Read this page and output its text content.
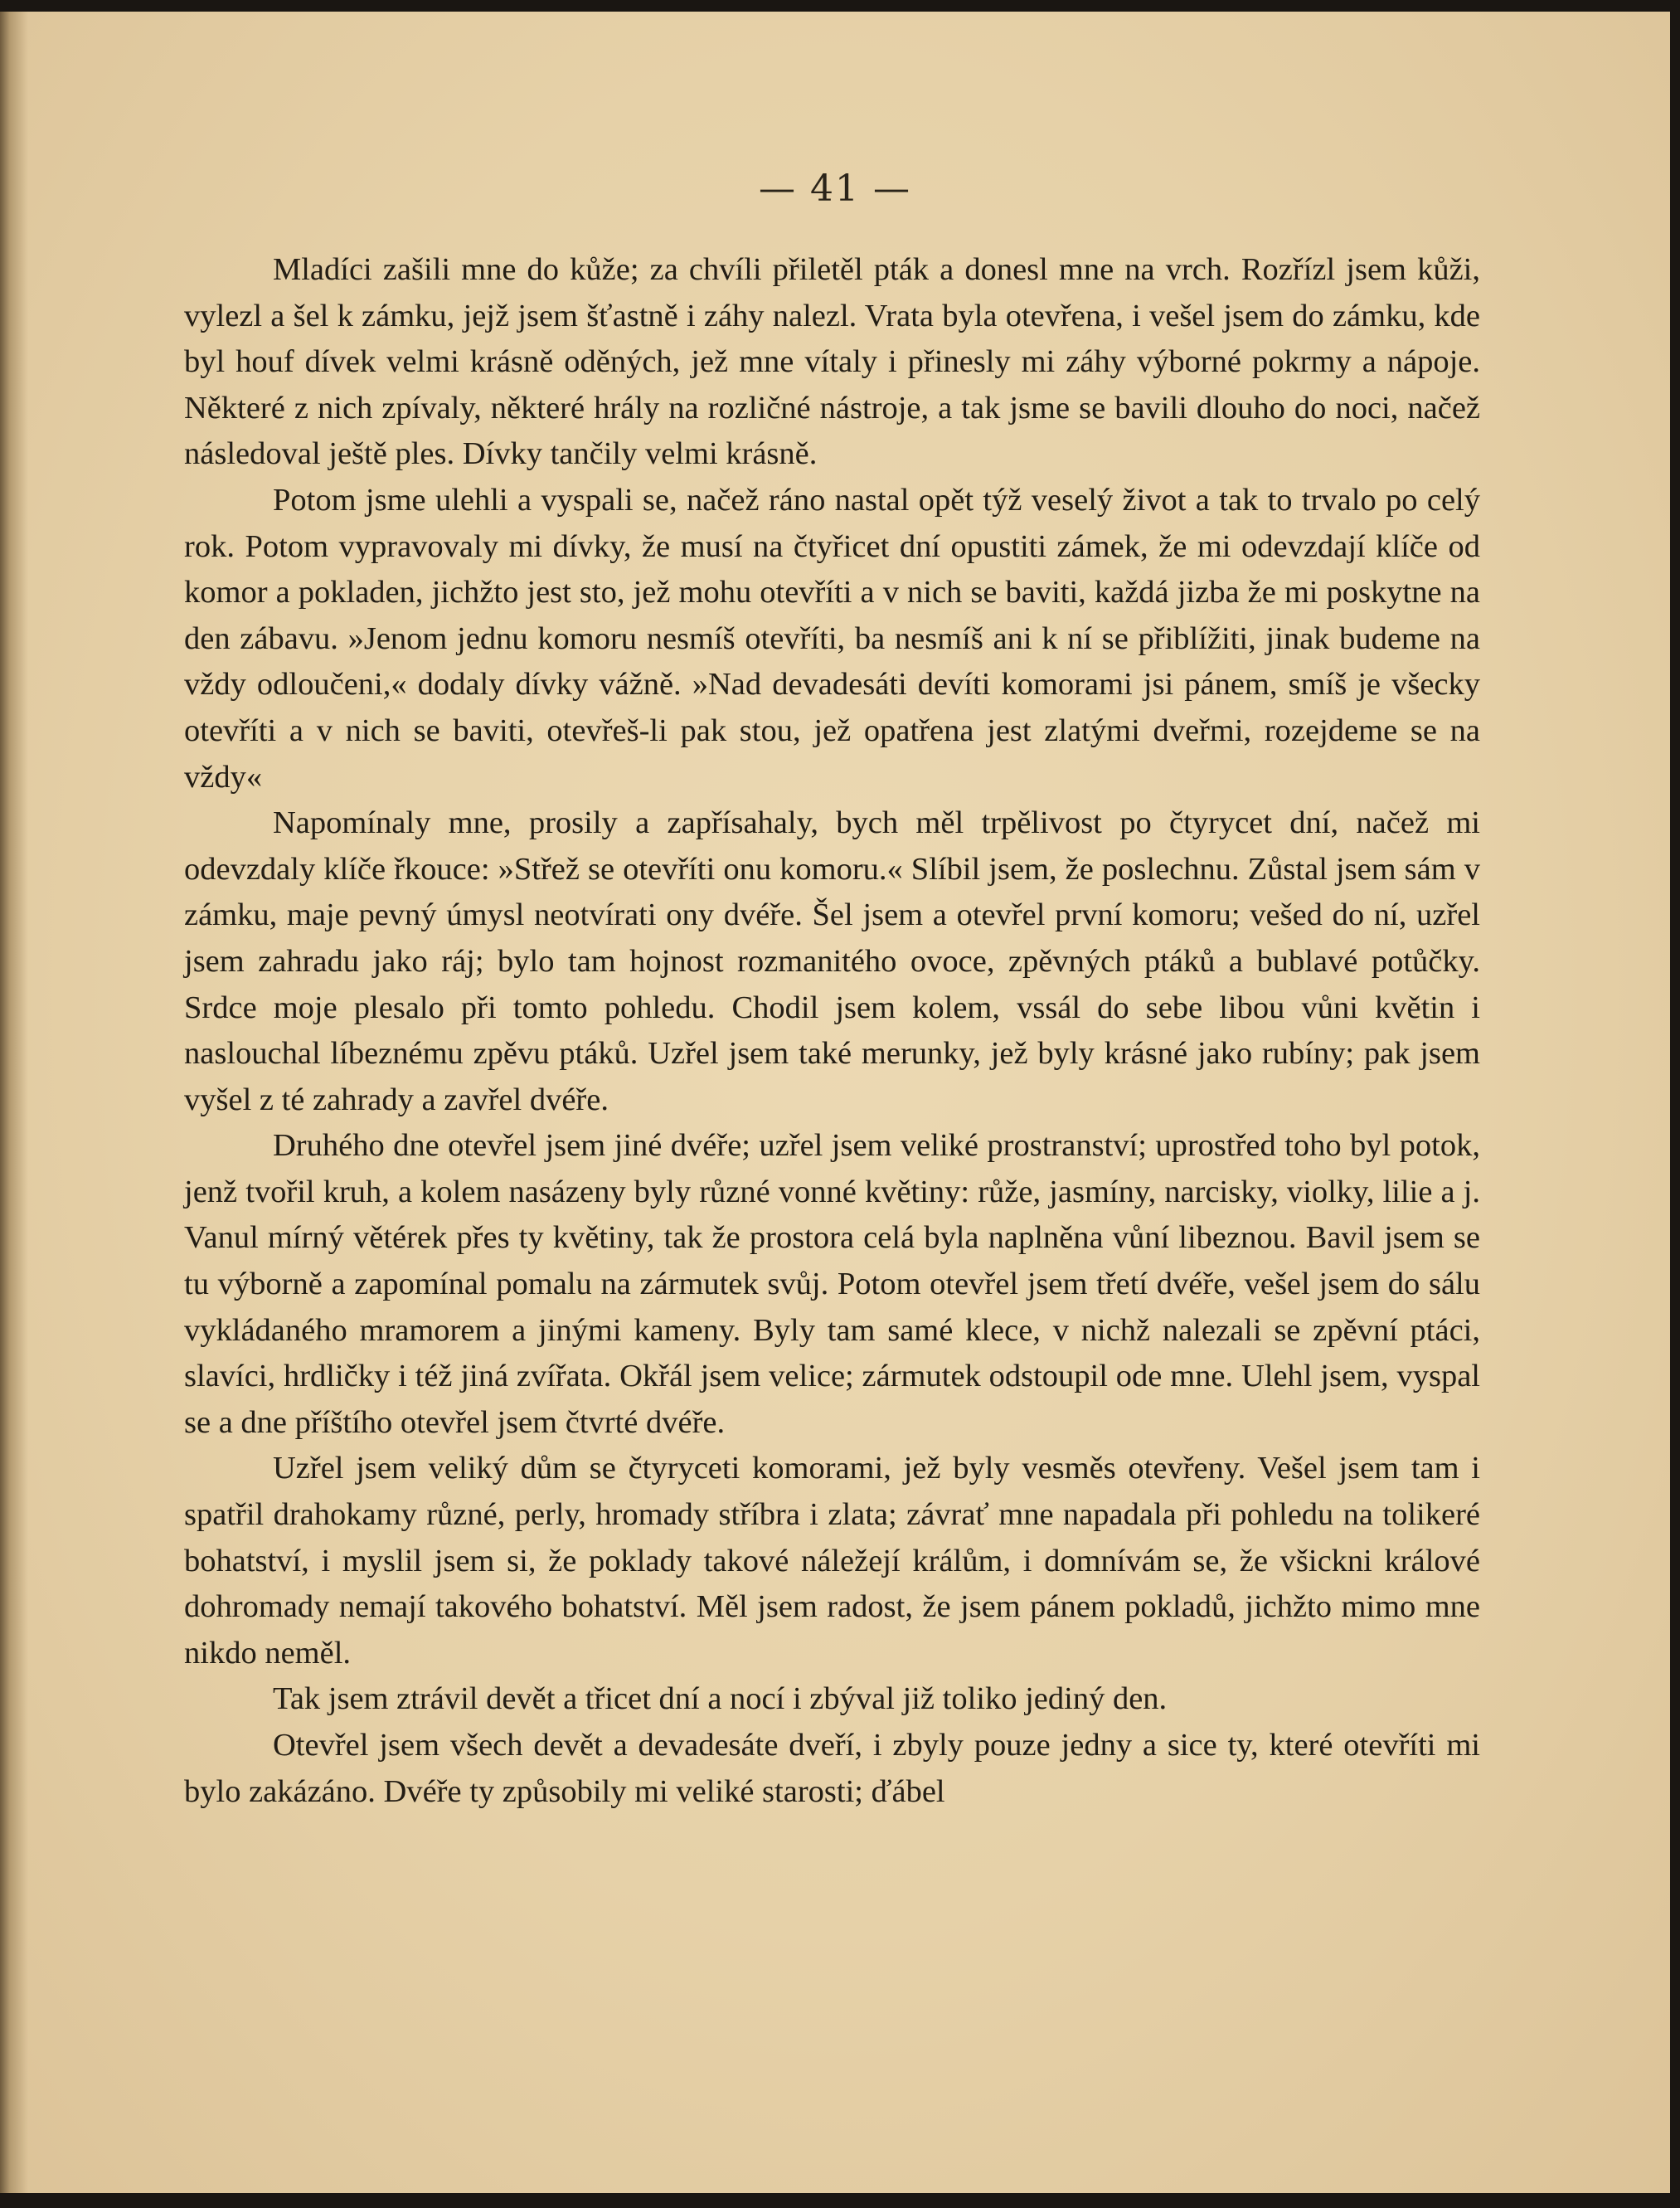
— 41 —

Mladíci zašili mne do kůže; za chvíli přiletěl pták a donesl mne na vrch. Rozřízl jsem kůži, vylezl a šel k zámku, jejž jsem šťastně i záhy nalezl. Vrata byla otevřena, i vešel jsem do zámku, kde byl houf dívek velmi krásně oděných, jež mne vítaly i přinesly mi záhy výborné pokrmy a nápoje. Některé z nich zpívaly, některé hrály na rozličné nástroje, a tak jsme se bavili dlouho do noci, načež následoval ještě ples. Dívky tančily velmi krásně.

Potom jsme ulehli a vyspali se, načež ráno nastal opět týž veselý život a tak to trvalo po celý rok. Potom vypravovaly mi dívky, že musí na čtyřicet dní opustiti zámek, že mi odevzdají klíče od komor a pokladen, jichžto jest sto, jež mohu otevříti a v nich se baviti, každá jizba že mi poskytne na den zábavu. »Jenom jednu komoru nesmíš otevříti, ba nesmíš ani k ní se přiblížiti, jinak budeme na vždy odloučeni,« dodaly dívky vážně. »Nad devadesáti devíti komorami jsi pánem, smíš je všecky otevříti a v nich se baviti, otevřeš-li pak stou, jež opatřena jest zlatými dveřmi, rozejdeme se na vždy«

Napomínaly mne, prosily a zapřísahaly, bych měl trpělivost po čtyrycet dní, načež mi odevzdaly klíče řkouce: »Střež se otevříti onu komoru.« Slíbil jsem, že poslechnu. Zůstal jsem sám v zámku, maje pevný úmysl neotvírati ony dvéře. Šel jsem a otevřel první komoru; vešed do ní, uzřel jsem zahradu jako ráj; bylo tam hojnost rozmanitého ovoce, zpěvných ptáků a bublavé potůčky. Srdce moje plesalo při tomto pohledu. Chodil jsem kolem, vssál do sebe libou vůni květin i naslouchal líbeznému zpěvu ptáků. Uzřel jsem také merunky, jež byly krásné jako rubíny; pak jsem vyšel z té zahrady a zavřel dvéře.

Druhého dne otevřel jsem jiné dvéře; uzřel jsem veliké prostranství; uprostřed toho byl potok, jenž tvořil kruh, a kolem nasázeny byly různé vonné květiny: růže, jasmíny, narcisky, violky, lilie a j. Vanul mírný větérek přes ty květiny, tak že prostora celá byla naplněna vůní libeznou. Bavil jsem se tu výborně a zapomínal pomalu na zármutek svůj. Potom otevřel jsem třetí dvéře, vešel jsem do sálu vykládaného mramorem a jinými kameny. Byly tam samé klece, v nichž nalezali se zpěvní ptáci, slavíci, hrdličky i též jiná zvířata. Okřál jsem velice; zármutek odstoupil ode mne. Ulehl jsem, vyspal se a dne příštího otevřel jsem čtvrté dvéře.

Uzřel jsem veliký dům se čtyryceti komorami, jež byly vesměs otevřeny. Vešel jsem tam i spatřil drahokamy různé, perly, hromady stříbra i zlata; závrať mne napadala při pohledu na tolikeré bohatství, i myslil jsem si, že poklady takové náležejí králům, i domnívám se, že všickni králové dohromady nemají takového bohatství. Měl jsem radost, že jsem pánem pokladů, jichžto mimo mne nikdo neměl.

Tak jsem ztrávil devět a třicet dní a nocí i zbýval již toliko jediný den.

Otevřel jsem všech devět a devadesáte dveří, i zbyly pouze jedny a sice ty, které otevříti mi bylo zakázáno. Dvéře ty způsobily mi veliké starosti; ďábel
